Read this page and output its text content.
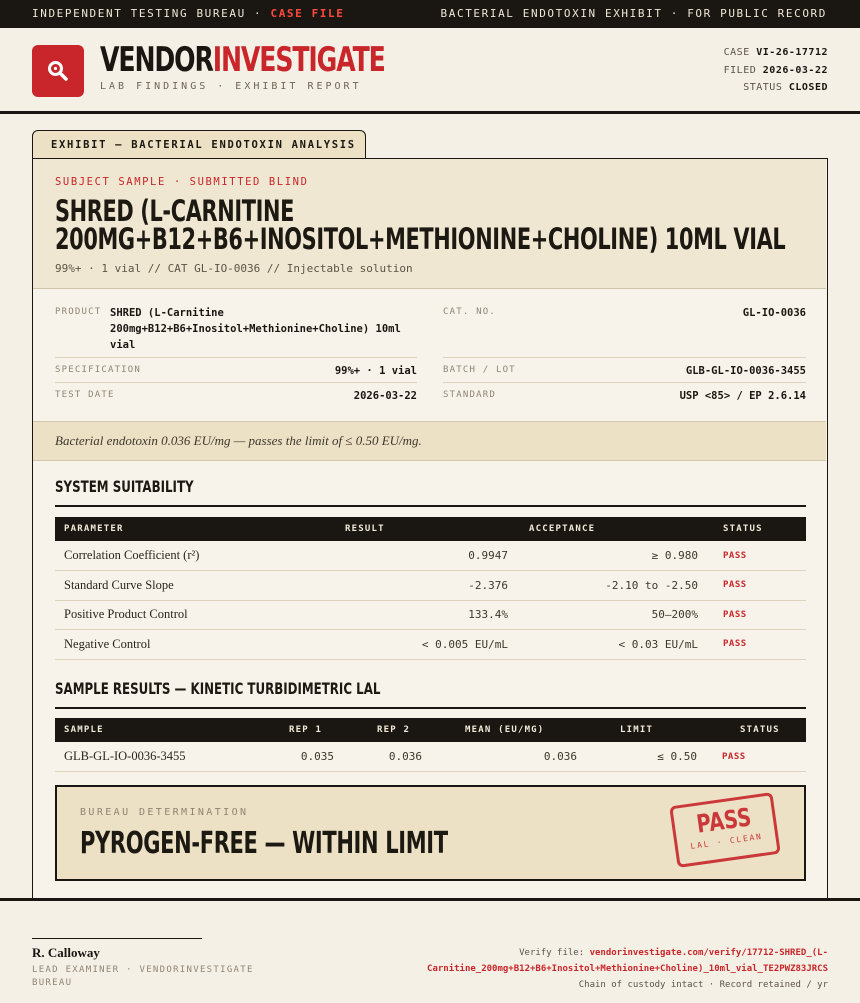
INDEPENDENT TESTING BUREAU · CASE FILE	BACTERIAL ENDOTOXIN EXHIBIT · FOR PUBLIC RECORD
VENDORINVESTIGATE
LAB FINDINGS · EXHIBIT REPORT
CASE VI-26-17712
FILED 2026-03-22
STATUS CLOSED
EXHIBIT — BACTERIAL ENDOTOXIN ANALYSIS
SUBJECT SAMPLE · SUBMITTED BLIND
SHRED (L-CARNITINE 200MG+B12+B6+INOSITOL+METHIONINE+CHOLINE) 10ML VIAL
99%+ · 1 vial // CAT GL-IO-0036 // Injectable solution
PRODUCT SHRED (L-Carnitine 200mg+B12+B6+Inositol+Methionine+Choline) 10ml vial
CAT. NO.	GL-IO-0036
SPECIFICATION	99%+ · 1 vial	BATCH / LOT	GLB-GL-IO-0036-3455
TEST DATE	2026-03-22	STANDARD	USP <85> / EP 2.6.14
Bacterial endotoxin 0.036 EU/mg — passes the limit of ≤ 0.50 EU/mg.
SYSTEM SUITABILITY
PARAMETER	RESULT	ACCEPTANCE	STATUS
Correlation Coefficient (r²)	0.9947	≥ 0.980	PASS
Standard Curve Slope	-2.376	-2.10 to -2.50	PASS
Positive Product Control	133.4%	50–200%	PASS
Negative Control	< 0.005 EU/mL	< 0.03 EU/mL	PASS
SAMPLE RESULTS — KINETIC TURBIDIMETRIC LAL
SAMPLE	REP 1	REP 2	MEAN (EU/MG)	LIMIT	STATUS
GLB-GL-IO-0036-3455	0.035	0.036	0.036	≤ 0.50	PASS
BUREAU DETERMINATION
PYROGEN-FREE — WITHIN LIMIT
PASS
LAL · CLEAN
R. Calloway
LEAD EXAMINER · VENDORINVESTIGATE BUREAU
Verify file: vendorinvestigate.com/verify/17712-SHRED_(L-
Carnitine_200mg+B12+B6+Inositol+Methionine+Choline)_10ml_vial_TE2PWZ83JRCS
Chain of custody intact · Record retained / yr
